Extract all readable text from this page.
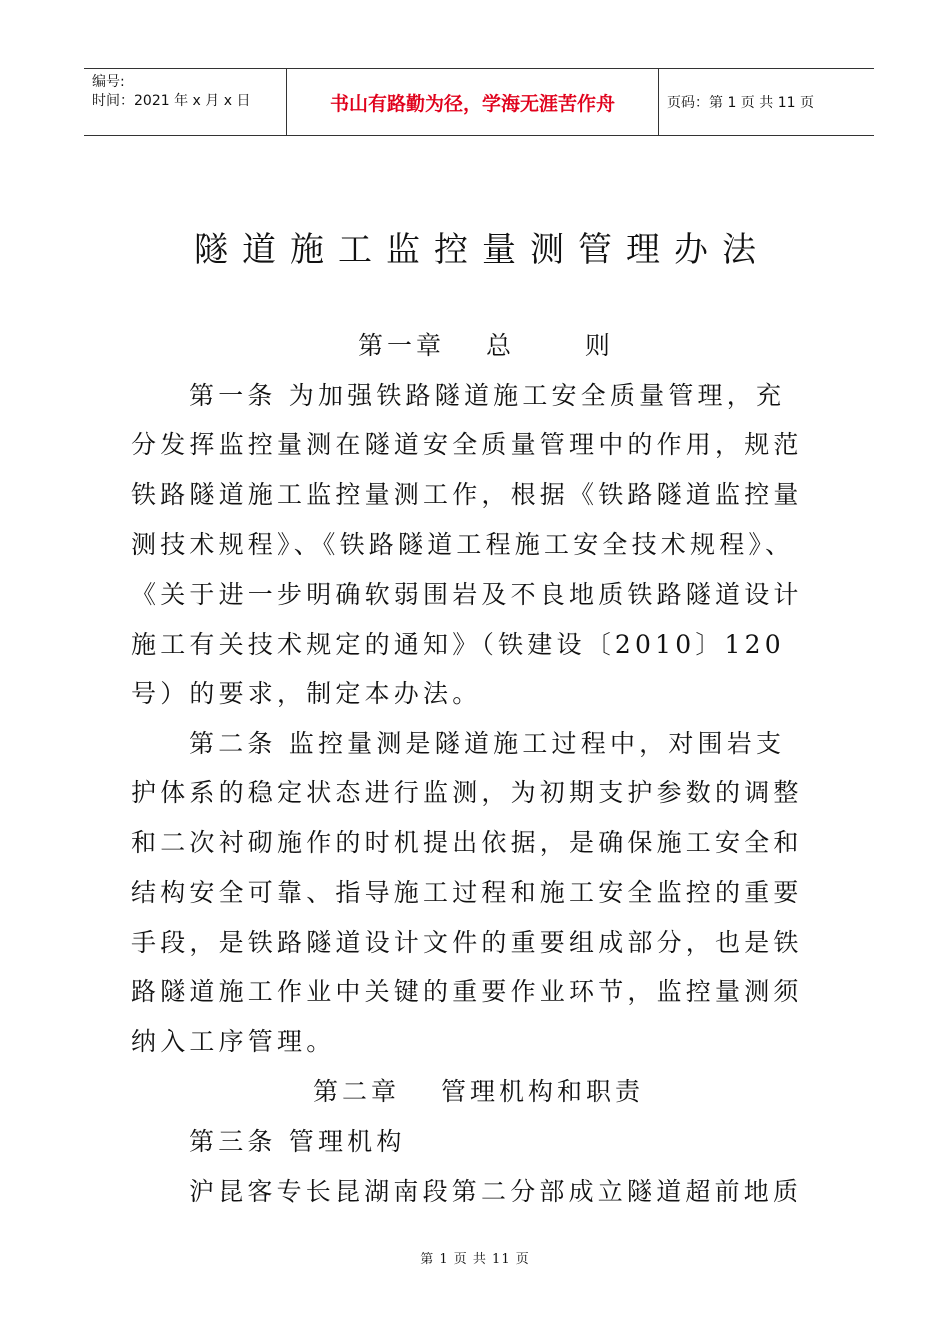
编号:
时间：2021 年 x 月 x 日	书山有路勤为径，学海无涯苦作舟	页码：第 1 页 共 11 页
隧道施工监控量测管理办法
第一章　 总　　 则
第一条 为加强铁路隧道施工安全质量管理，充
分发挥监控量测在隧道安全质量管理中的作用，规范
铁路隧道施工监控量测工作，根据《铁路隧道监控量
测技术规程》、《铁路隧道工程施工安全技术规程》、
《关于进一步明确软弱围岩及不良地质铁路隧道设计
施工有关技术规定的通知》（铁建设〔2010〕120
号）的要求，制定本办法。
第二条 监控量测是隧道施工过程中，对围岩支
护体系的稳定状态进行监测，为初期支护参数的调整
和二次衬砌施作的时机提出依据，是确保施工安全和
结构安全可靠、指导施工过程和施工安全监控的重要
手段，是铁路隧道设计文件的重要组成部分，也是铁
路隧道施工作业中关键的重要作业环节，监控量测须
纳入工序管理。
第二章　 管理机构和职责
第三条 管理机构
沪昆客专长昆湖南段第二分部成立隧道超前地质
第 1 页 共 11 页
